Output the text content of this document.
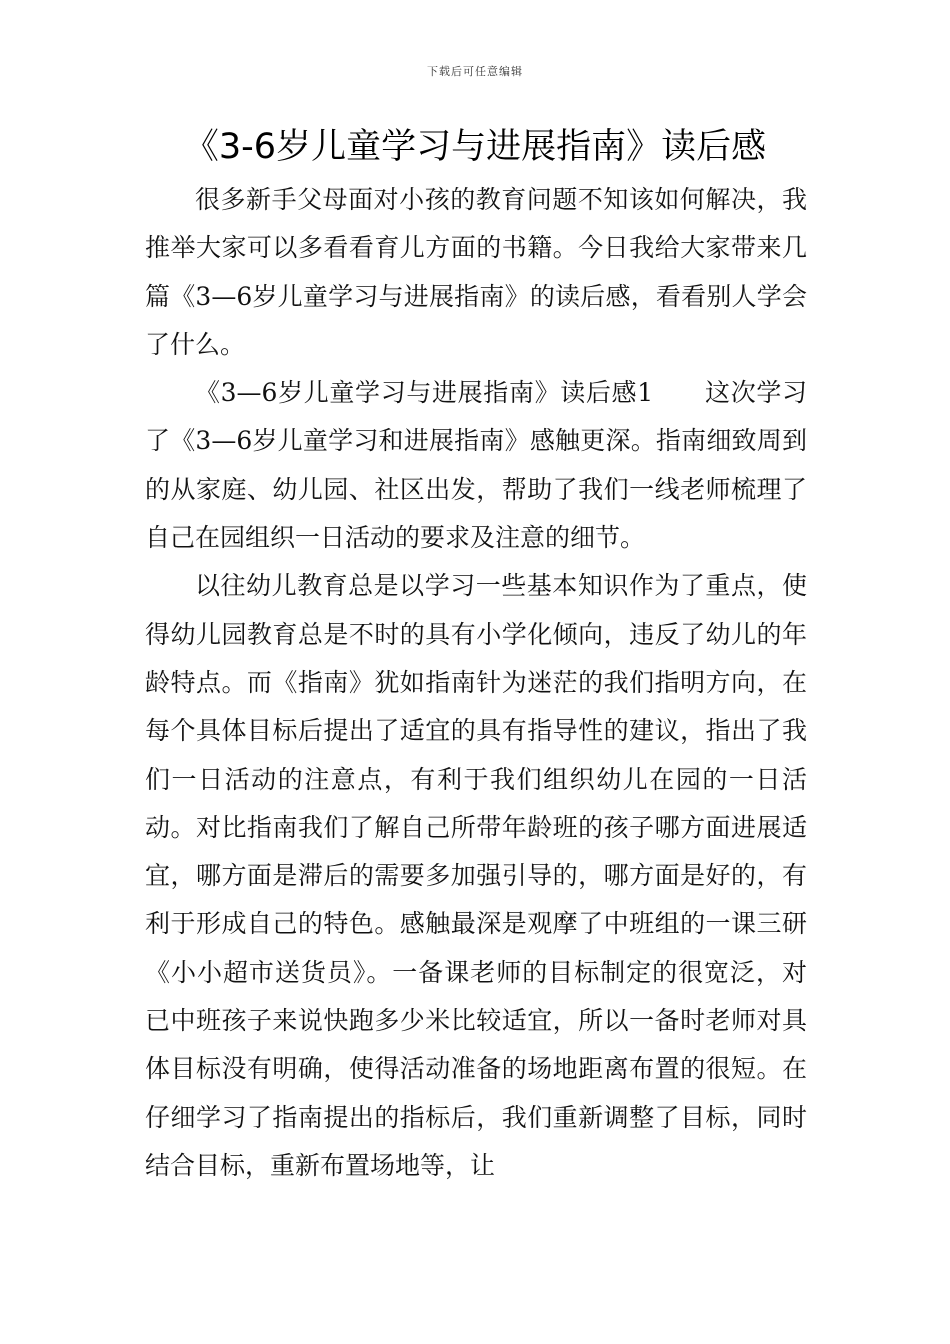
下载后可任意编辑
《3-6岁儿童学习与进展指南》读后感

很多新手父母面对小孩的教育问题不知该如何解决，我推举大家可以多看看育儿方面的书籍。今日我给大家带来几篇《3—6岁儿童学习与进展指南》的读后感，看看别人学会了什么。

《3—6岁儿童学习与进展指南》读后感1　　这次学习了《3—6岁儿童学习和进展指南》感触更深。指南细致周到的从家庭、幼儿园、社区出发，帮助了我们一线老师梳理了自己在园组织一日活动的要求及注意的细节。

以往幼儿教育总是以学习一些基本知识作为了重点，使得幼儿园教育总是不时的具有小学化倾向，违反了幼儿的年龄特点。而《指南》犹如指南针为迷茫的我们指明方向，在每个具体目标后提出了适宜的具有指导性的建议，指出了我们一日活动的注意点，有利于我们组织幼儿在园的一日活动。对比指南我们了解自己所带年龄班的孩子哪方面进展适宜，哪方面是滞后的需要多加强引导的，哪方面是好的，有利于形成自己的特色。感触最深是观摩了中班组的一课三研《小小超市送货员》。一备课老师的目标制定的很宽泛，对已中班孩子来说快跑多少米比较适宜，所以一备时老师对具体目标没有明确，使得活动准备的场地距离布置的很短。在仔细学习了指南提出的指标后，我们重新调整了目标，同时结合目标，重新布置场地等，让
